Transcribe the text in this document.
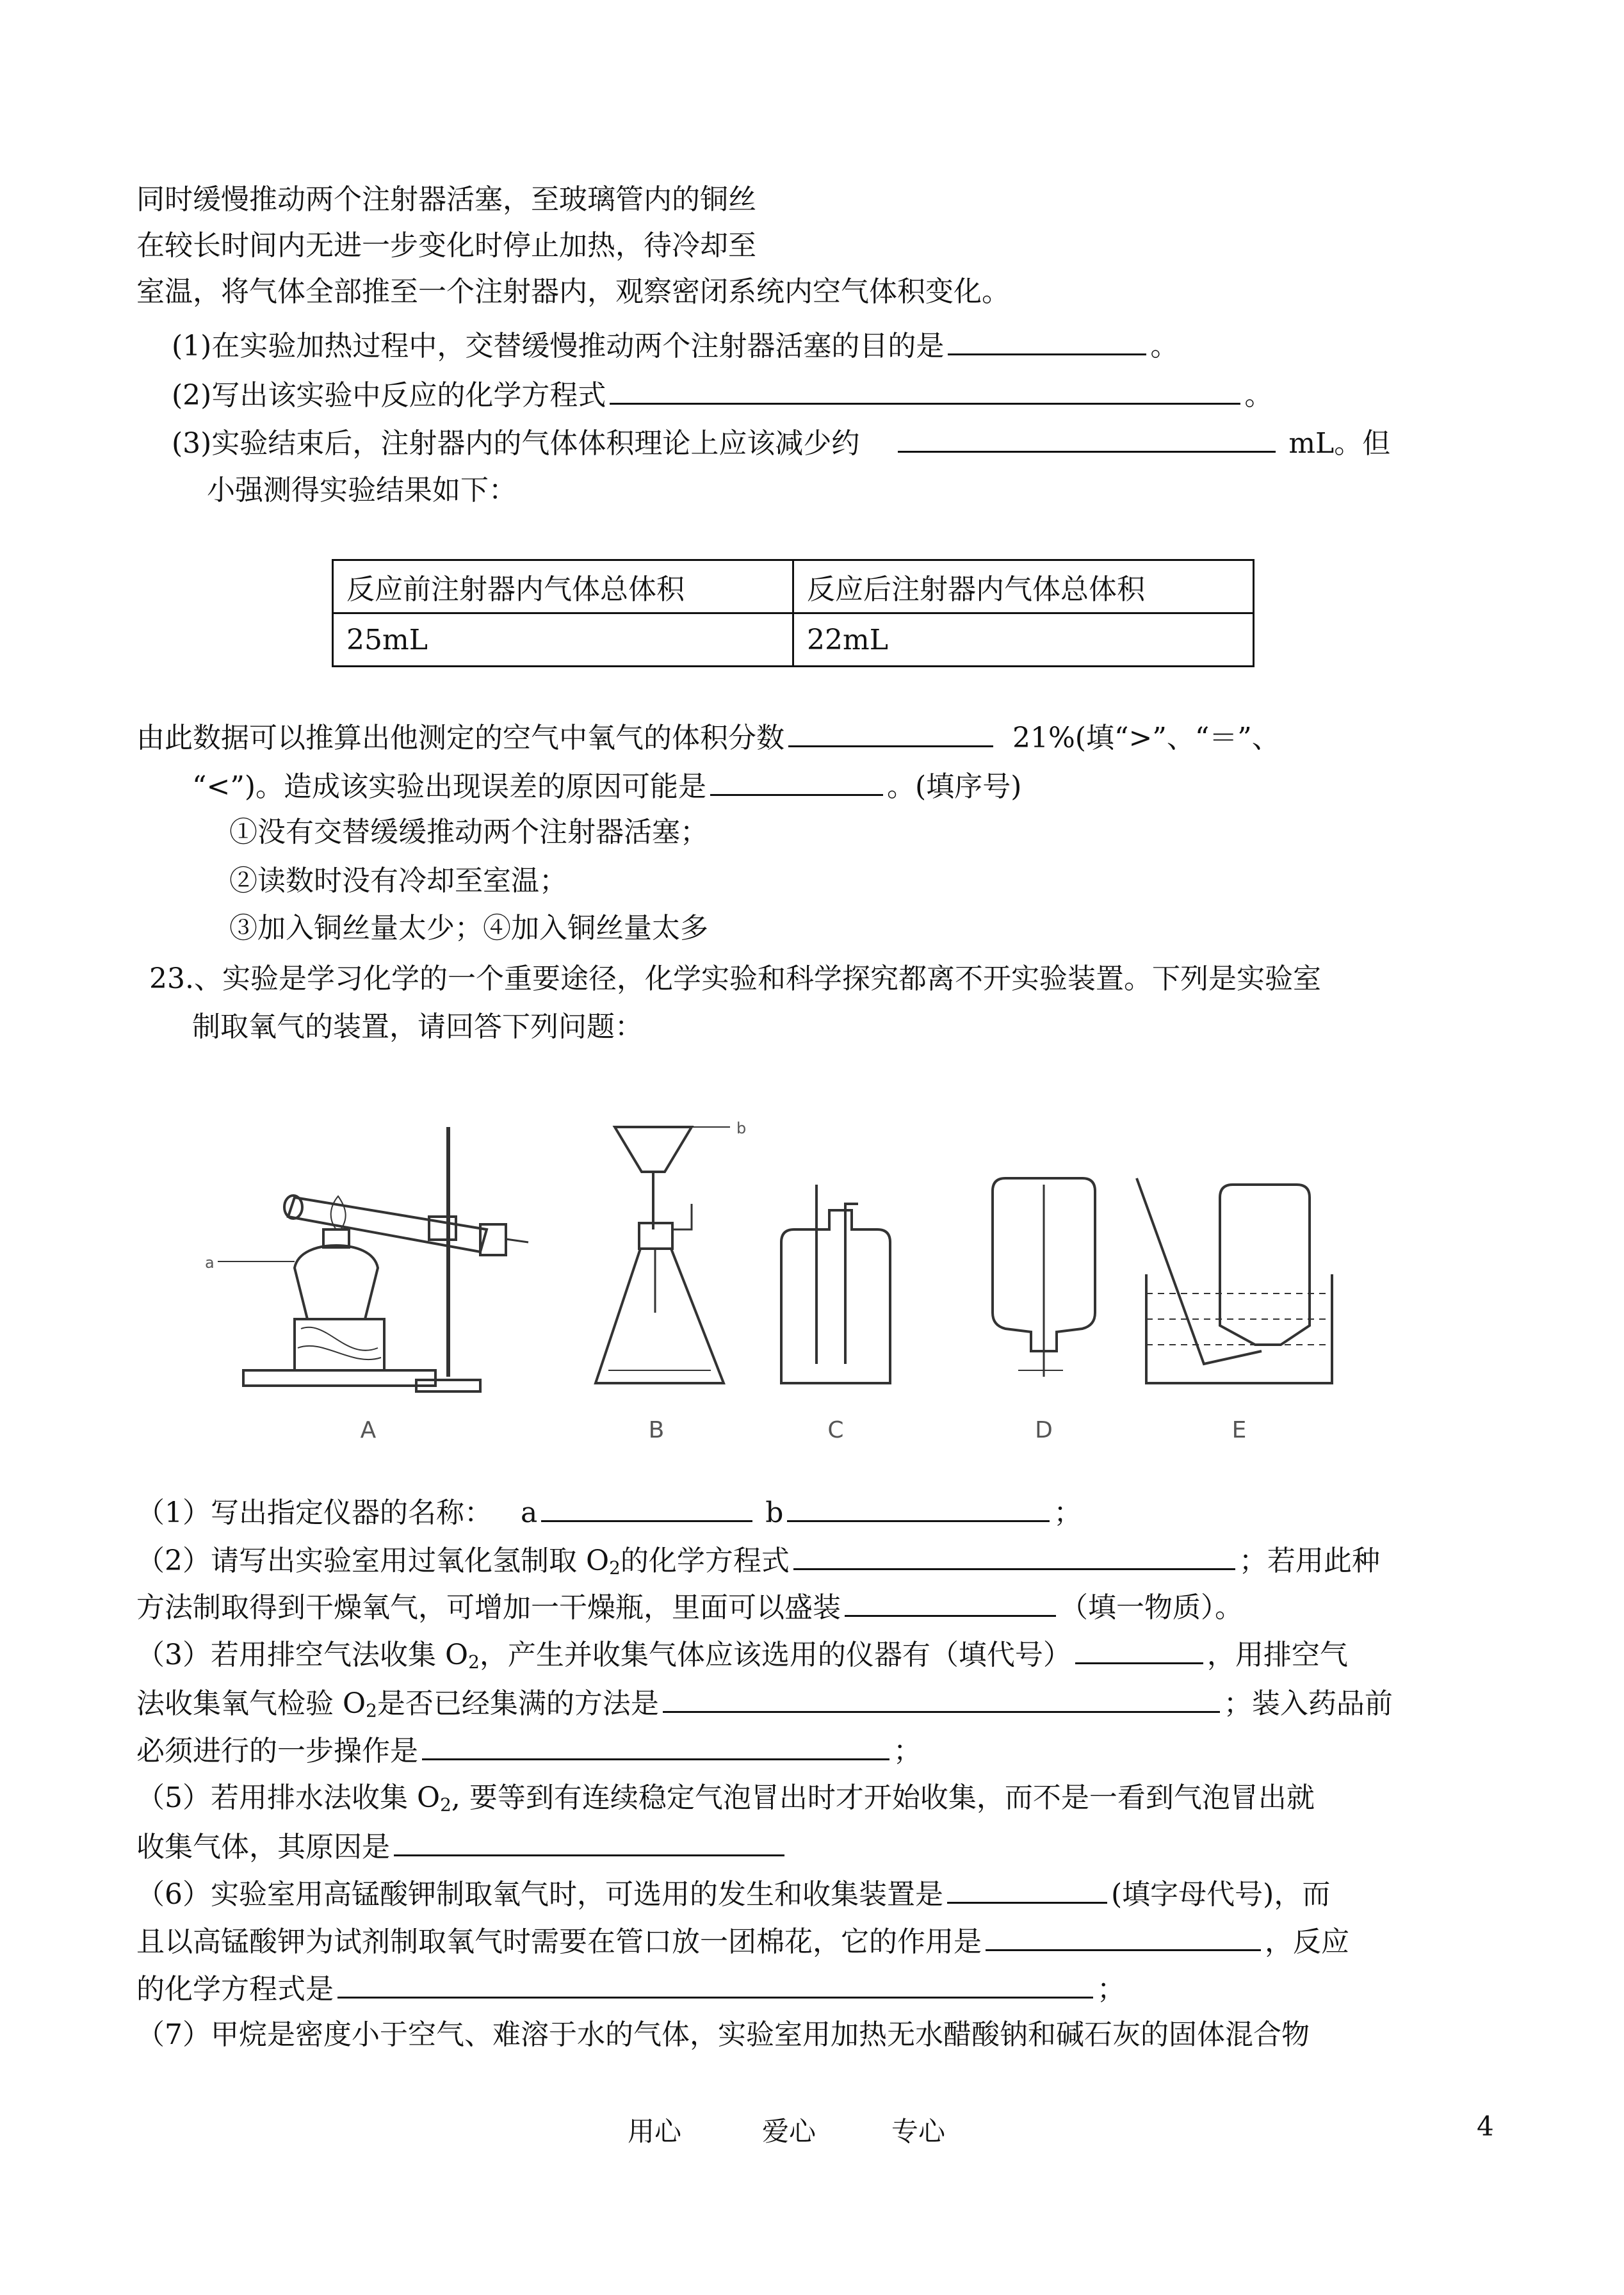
同时缓慢推动两个注射器活塞，至玻璃管内的铜丝
在较长时间内无进一步变化时停止加热，待冷却至
室温，将气体全部推至一个注射器内，观察密闭系统内空气体积变化。
(1)在实验加热过程中，交替缓慢推动两个注射器活塞的目的是	。
(2)写出该实验中反应的化学方程式	。
(3)实验结束后，注射器内的气体体积理论上应该减少约	mL。但
小强测得实验结果如下：
反应前注射器内气体总体积	反应后注射器内气体总体积
25mL	22mL
由此数据可以推算出他测定的空气中氧气的体积分数	21%(填“>”、“＝”、
“<”)。造成该实验出现误差的原因可能是	。(填序号)
①没有交替缓缓推动两个注射器活塞；
②读数时没有冷却至室温；
③加入铜丝量太少；④加入铜丝量太多
23.、实验是学习化学的一个重要途径，化学实验和科学探究都离不开实验装置。下列是实验室
制取氧气的装置，请回答下列问题：
A	B	C	D	E
a
b
（1）写出指定仪器的名称： a	b	；
（2）请写出实验室用过氧化氢制取 $O_2$的化学方程式	；若用此种
方法制取得到干燥氧气，可增加一干燥瓶，里面可以盛装	（填一物质）。
（3）若用排空气法收集 $O_2$，产生并收集气体应该选用的仪器有（填代号）	，用排空气
法收集氧气检验 $O_2$是否已经集满的方法是	；装入药品前
必须进行的一步操作是	；
（5）若用排水法收集 $O_2$, 要等到有连续稳定气泡冒出时才开始收集，而不是一看到气泡冒出就
收集气体，其原因是
（6）实验室用高锰酸钾制取氧气时，可选用的发生和收集装置是	(填字母代号)，而
且以高锰酸钾为试剂制取氧气时需要在管口放一团棉花，它的作用是	，反应
的化学方程式是	；
（7）甲烷是密度小于空气、难溶于水的气体，实验室用加热无水醋酸钠和碱石灰的固体混合物
用心	爱心	专心	4
